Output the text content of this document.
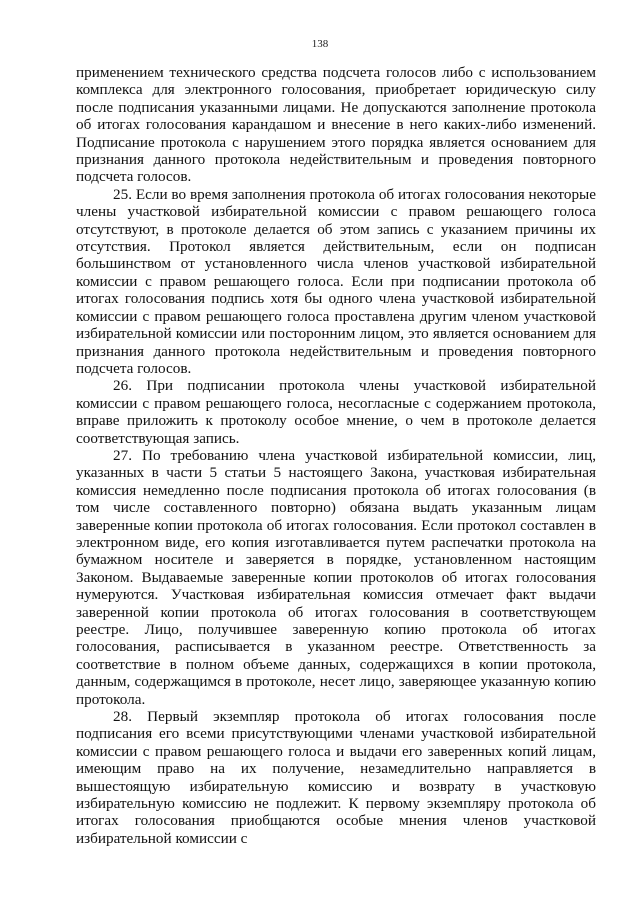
138

применением технического средства подсчета голосов либо с использованием комплекса для электронного голосования, приобретает юридическую силу после подписания указанными лицами. Не допускаются заполнение протокола об итогах голосования карандашом и внесение в него каких-либо изменений. Подписание протокола с нарушением этого порядка является основанием для признания данного протокола недействительным и проведения повторного подсчета голосов.

25. Если во время заполнения протокола об итогах голосования некоторые члены участковой избирательной комиссии с правом решающего голоса отсутствуют, в протоколе делается об этом запись с указанием причины их отсутствия. Протокол является действительным, если он подписан большинством от установленного числа членов участковой избирательной комиссии с правом решающего голоса. Если при подписании протокола об итогах голосования подпись хотя бы одного члена участковой избирательной комиссии с правом решающего голоса проставлена другим членом участковой избирательной комиссии или посторонним лицом, это является основанием для признания данного протокола недействительным и проведения повторного подсчета голосов.

26. При подписании протокола члены участковой избирательной комиссии с правом решающего голоса, несогласные с содержанием протокола, вправе приложить к протоколу особое мнение, о чем в протоколе делается соответствующая запись.

27. По требованию члена участковой избирательной комиссии, лиц, указанных в части 5 статьи 5 настоящего Закона, участковая избирательная комиссия немедленно после подписания протокола об итогах голосования (в том числе составленного повторно) обязана выдать указанным лицам заверенные копии протокола об итогах голосования. Если протокол составлен в электронном виде, его копия изготавливается путем распечатки протокола на бумажном носителе и заверяется в порядке, установленном настоящим Законом. Выдаваемые заверенные копии протоколов об итогах голосования нумеруются. Участковая избирательная комиссия отмечает факт выдачи заверенной копии протокола об итогах голосования в соответствующем реестре. Лицо, получившее заверенную копию протокола об итогах голосования, расписывается в указанном реестре. Ответственность за соответствие в полном объеме данных, содержащихся в копии протокола, данным, содержащимся в протоколе, несет лицо, заверяющее указанную копию протокола.

28. Первый экземпляр протокола об итогах голосования после подписания его всеми присутствующими членами участковой избирательной комиссии с правом решающего голоса и выдачи его заверенных копий лицам, имеющим право на их получение, незамедлительно направляется в вышестоящую избирательную комиссию и возврату в участковую избирательную комиссию не подлежит. К первому экземпляру протокола об итогах голосования приобщаются особые мнения членов участковой избирательной комиссии с
